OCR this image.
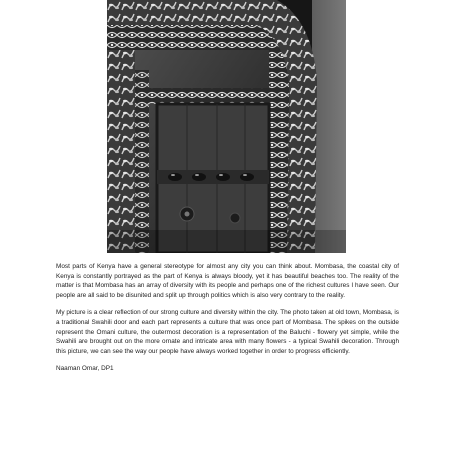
Most parts of Kenya have a general stereotype for almost any city you can think about. Mombasa, the coastal city of Kenya is constantly portrayed as the part of Kenya is always bloody, yet it has beautiful beaches too. The reality of the matter is that Mombasa has an array of diversity with its people and perhaps one of the richest cultures I have seen. Our people are all said to be disunited and split up through politics which is also very contrary to the reality.

My picture is a clear reflection of our strong culture and diversity within the city. The photo taken at old town, Mombasa, is a traditional Swahili door and each part represents a culture that was once part of Mombasa. The spikes on the outside represent the Omani culture, the outermost decoration is a representation of the Baluchi - flowery yet simple, while the Swahili are brought out on the more ornate and intricate area with many flowers - a typical Swahili decoration. Through this picture, we can see the way our people have always worked together in order to progress efficiently.

Naaman Omar, DP1
